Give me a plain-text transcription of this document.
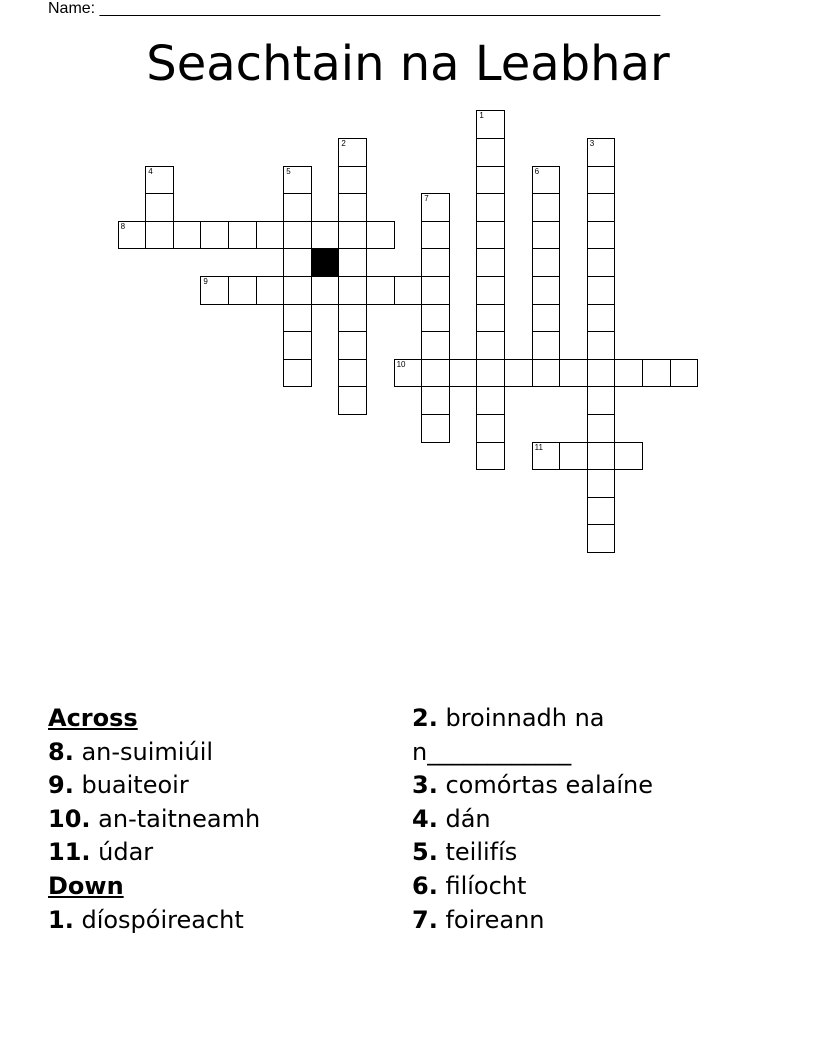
Name: _______________________________________________________________
Seachtain na Leabhar
1
2	3
4	5	6
7
8
9
10
11
Across
8. an-suimiúil
9. buaiteoir
10. an-taitneamh
11. údar
Down
1. díospóireacht
2. broinnadh na n____________
3. comórtas ealaíne
4. dán
5. teilifís
6. filíocht
7. foireann
